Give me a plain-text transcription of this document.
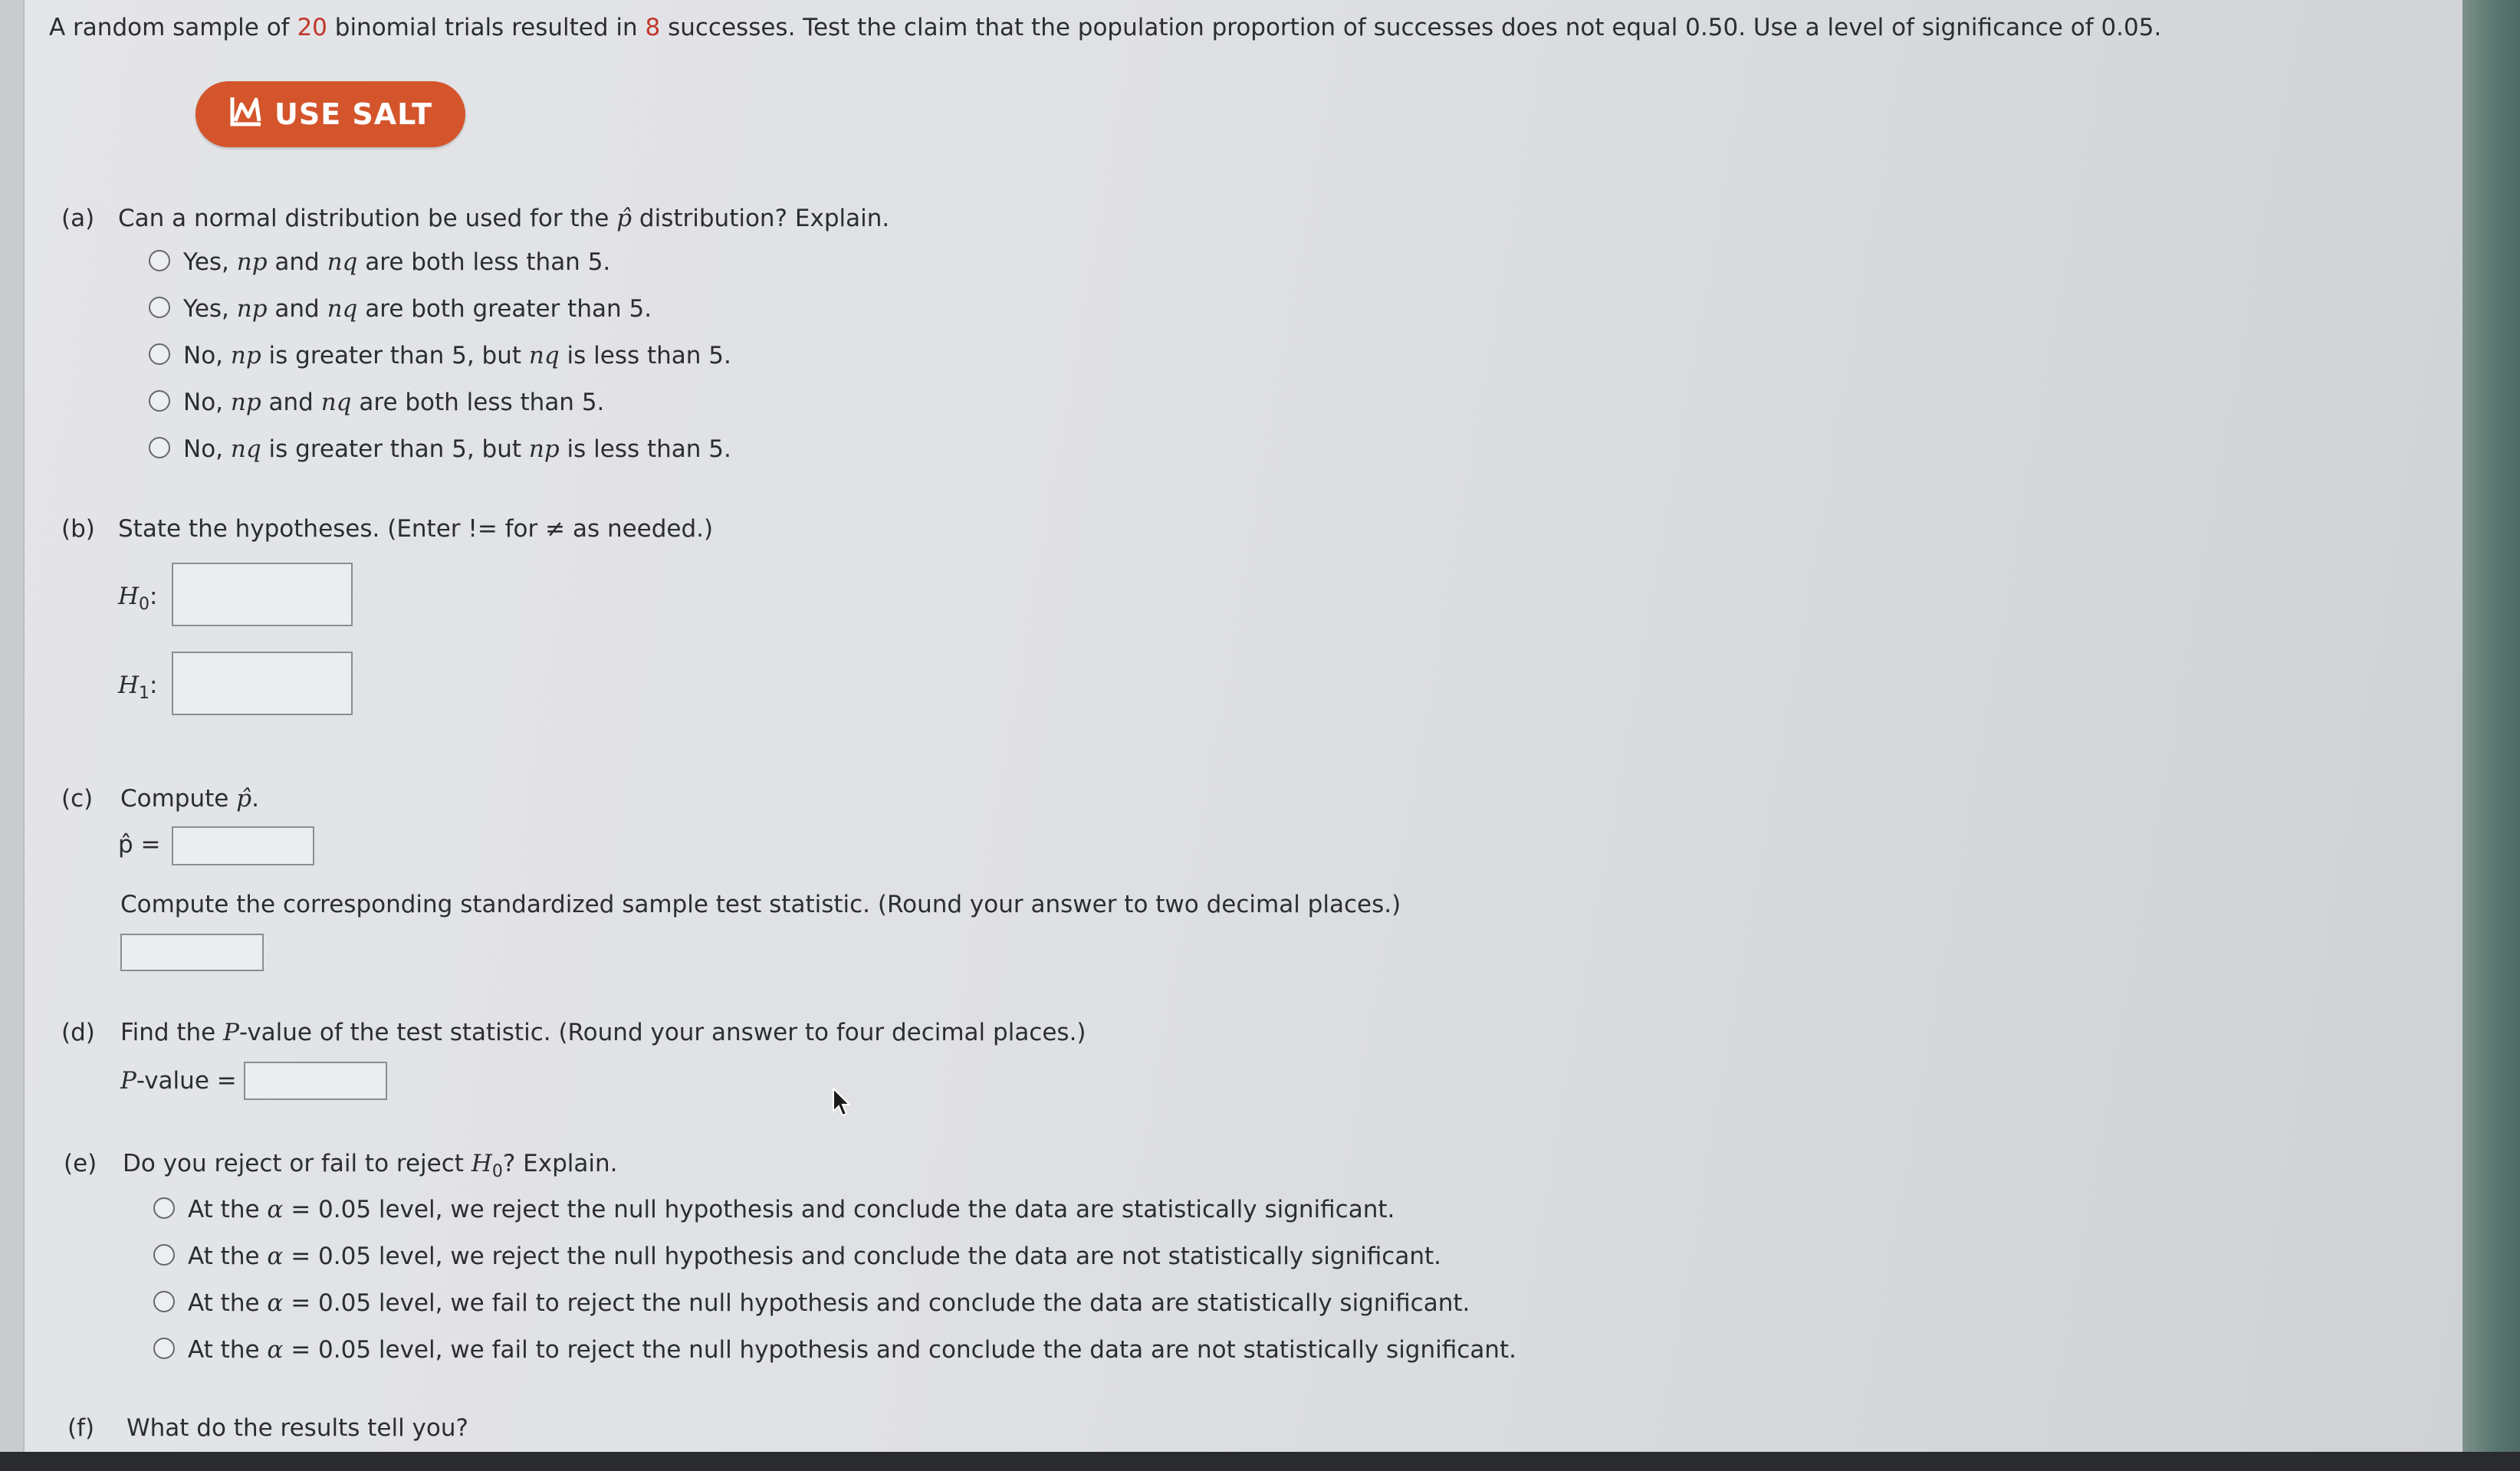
A random sample of 20 binomial trials resulted in 8 successes. Test the claim that the population proportion of successes does not equal 0.50. Use a level of significance of 0.05.
USE SALT
(a) Can a normal distribution be used for the p̂ distribution? Explain.
Yes, np and nq are both less than 5.
Yes, np and nq are both greater than 5.
No, np is greater than 5, but nq is less than 5.
No, np and nq are both less than 5.
No, nq is greater than 5, but np is less than 5.
(b) State the hypotheses. (Enter != for ≠ as needed.)
$H_0$:
$H_1$:
(c) Compute p̂.
p̂ =
Compute the corresponding standardized sample test statistic. (Round your answer to two decimal places.)
(d) Find the P-value of the test statistic. (Round your answer to four decimal places.)
P-value =
(e) Do you reject or fail to reject $H_0$? Explain.
At the α = 0.05 level, we reject the null hypothesis and conclude the data are statistically significant.
At the α = 0.05 level, we reject the null hypothesis and conclude the data are not statistically significant.
At the α = 0.05 level, we fail to reject the null hypothesis and conclude the data are statistically significant.
At the α = 0.05 level, we fail to reject the null hypothesis and conclude the data are not statistically significant.
(f) What do the results tell you?
